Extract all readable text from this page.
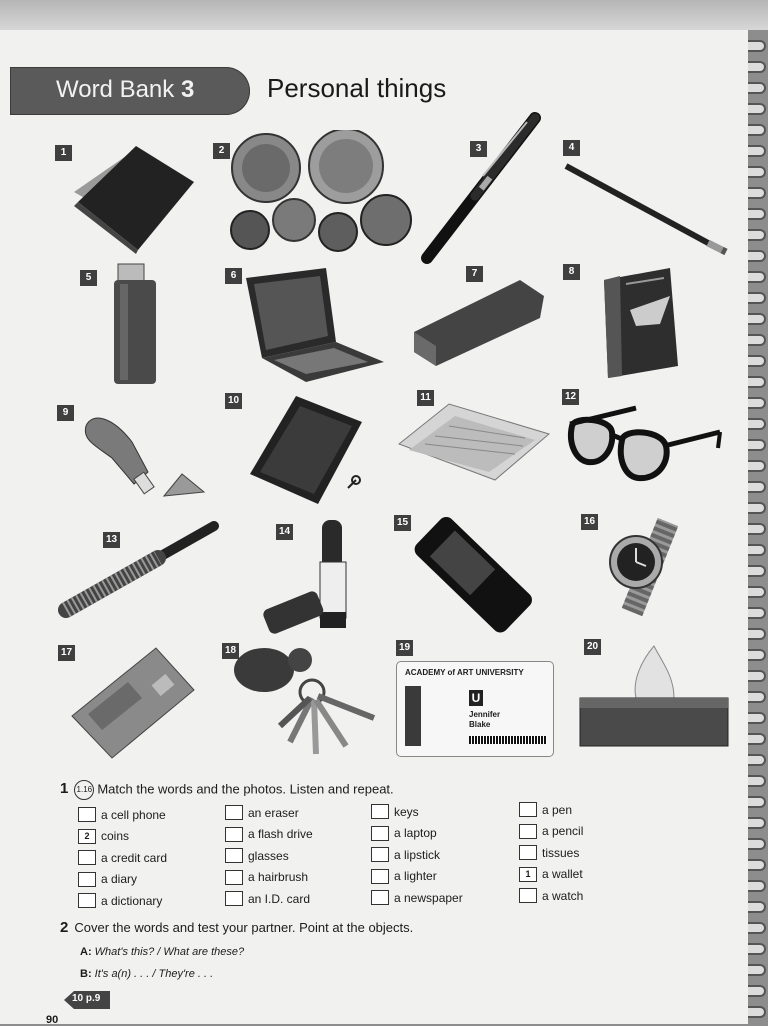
Word Bank 3	Personal things
1	2	3	4
5	6	7	8
9
10	11	12
13
14
15	16
17	18	19	20
ACADEMY of ART UNIVERSITY
U
Jennifer
Blake
1 1.16 Match the words and the photos. Listen and repeat.
a cell phone
2 coins
a credit card
a diary
a dictionary
an eraser
a flash drive
glasses
a hairbrush
an I.D. card
keys
a laptop
a lipstick
a lighter
a newspaper
a pen
a pencil
tissues
1 a wallet
a watch
2 Cover the words and test your partner. Point at the objects.
A: What's this? / What are these?
B: It's a(n) . . . / They're . . .
10 p.9
90
